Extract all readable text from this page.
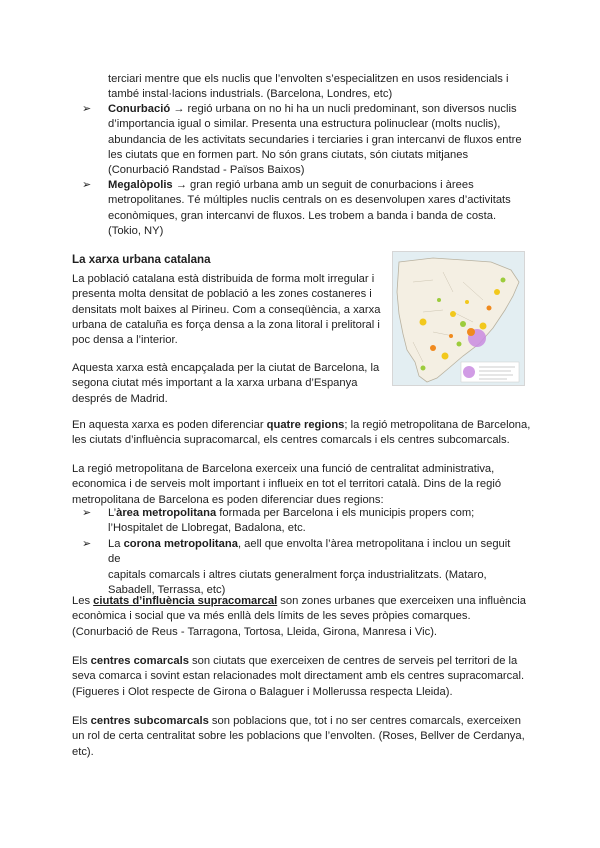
terciari mentre que els nuclis que l’envolten s’especialitzen en usos residencials i
també instal·lacions industrials. (Barcelona, Londres, etc)
➢	Conurbació → regió urbana on no hi ha un nucli predominant, son diversos nuclis
d’importancia igual o similar. Presenta una estructura polinuclear (molts nuclis),
abundancia de les activitats secundaries i terciaries i gran intercanvi de fluxos entre
les ciutats que en formen part. No són grans ciutats, són ciutats mitjanes
(Conurbació Randstad - Països Baixos)
➢	Megalòpolis → gran regió urbana amb un seguit de conurbacions i àrees
metropolitanes. Té múltiples nuclis centrals on es desenvolupen xares d’activitats
econòmiques, gran intercanvi de fluxos. Les trobem a banda i banda de costa.
(Tokio, NY)
La xarxa urbana catalana
La població catalana està distribuida de forma molt irregular i
presenta molta densitat de població a les zones costaneres i
densitats molt baixes al Pirineu. Com a conseqüència, a xarxa
urbana de cataluña es força densa a la zona litoral i prelitoral i
poc densa a l’interior.
Aquesta xarxa està encapçalada per la ciutat de Barcelona, la
segona ciutat més important a la xarxa urbana d’Espanya
després de Madrid.
En aquesta xarxa es poden diferenciar quatre regions; la regió metropolitana de Barcelona,
les ciutats d’influència supracomarcal, els centres comarcals i els centres subcomarcals.
La regió metropolitana de Barcelona exerceix una funció de centralitat administrativa,
economica i de serveis molt important i influeix en tot el territori català. Dins de la regió
metropolitana de Barcelona es poden diferenciar dues regions:
➢	L’àrea metropolitana formada per Barcelona i els municipis propers com;
l’Hospitalet de Llobregat, Badalona, etc.
➢	La corona metropolitana, aell que envolta l’àrea metropolitana i inclou un seguit de
capitals comarcals i altres ciutats generalment força industrialitzats. (Mataro,
Sabadell, Terrassa, etc)
Les ciutats d’influència supracomarcal son zones urbanes que exerceixen una influència
econòmica i social que va més enllà dels límits de les seves pròpies comarques.
(Conurbació de Reus - Tarragona, Tortosa, Lleida, Girona, Manresa i Vic).
Els centres comarcals son ciutats que exerceixen de centres de serveis pel territori de la
seva comarca i sovint estan relacionades molt directament amb els centres supracomarcal.
(Figueres i Olot respecte de Girona o Balaguer i Mollerussa respecta Lleida).
Els centres subcomarcals son poblacions que, tot i no ser centres comarcals, exerceixen
un rol de certa centralitat sobre les poblacions que l’envolten. (Roses, Bellver de Cerdanya,
etc).
